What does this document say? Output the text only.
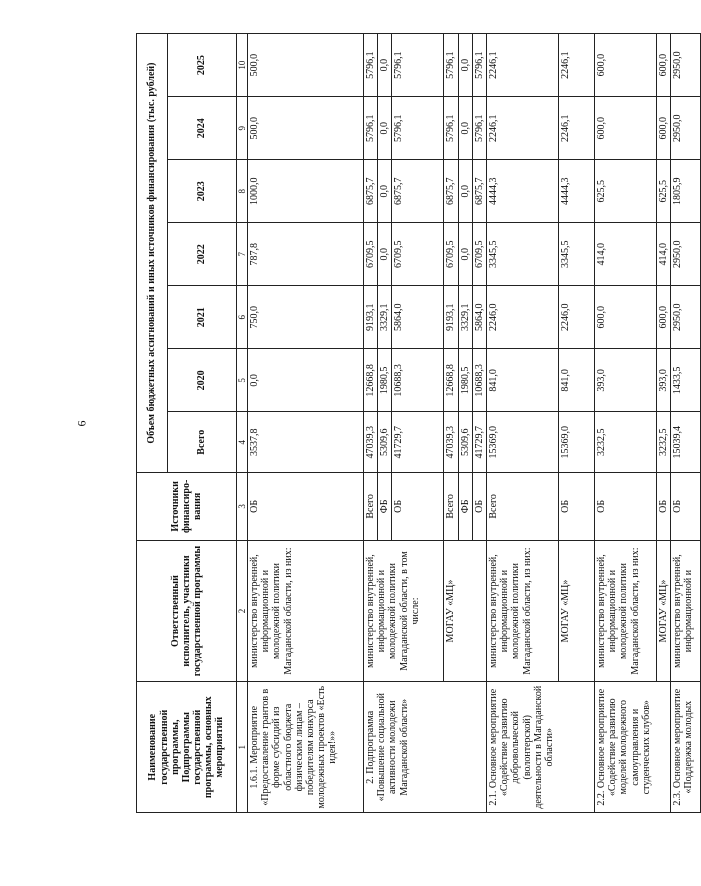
6
Наименование государственной программы, Подпрограммы государственной программы, основных мероприятий	Ответственный исполнитель, участники государственной программы	Источники финансиро-вания	Объем бюджетных ассигнований и иных источников финансирования (тыс. рублей)						
			Всего	2020	2021	2022	2023	2024	2025
1	2	3	4	5	6	7	8	9	10
1.6.1. Мероприятие «Предоставление грантов в форме субсидий из областного бюджета физическим лицам – победителям конкурса молодежных проектов «Есть идея!»»	министерство внутренней, информационной и молодежной политики Магаданской области, из них:	ОБ	3537,8	0,0	750,0	787,8	1000,0	500,0	500,0
2. Подпрограмма «Повышение социальной активности молодежи Магаданской области»	министерство внутренней, информационной и молодежной политики Магаданской области, в том числе:	Всего	47039,3	12668,8	9193,1	6709,5	6875,7	5796,1	5796,1
		ФБ	5309,6	1980,5	3329,1	0,0	0,0	0,0	0,0
		ОБ	41729,7	10688,3	5864,0	6709,5	6875,7	5796,1	5796,1
	МОГАУ «МЦ»	Всего	47039,3	12668,8	9193,1	6709,5	6875,7	5796,1	5796,1
		ФБ	5309,6	1980,5	3329,1	0,0	0,0	0,0	0,0
		ОБ	41729,7	10688,3	5864,0	6709,5	6875,7	5796,1	5796,1
2.1. Основное мероприятие «Содействие развитию добровольческой (волонтерской) деятельности в Магаданской области»	министерство внутренней, информационной и молодежной политики Магаданской области, из них:	Всего	15369,0	841,0	2246,0	3345,5	4444,3	2246,1	2246,1
	МОГАУ «МЦ»	ОБ	15369,0	841,0	2246,0	3345,5	4444,3	2246,1	2246,1
2.2. Основное мероприятие «Содействие развитию моделей молодежного самоуправления и студенческих клубов»	министерство внутренней, информационной и молодежной политики Магаданской области, из них:	ОБ	3232,5	393,0	600,0	414,0	625,5	600,0	600,0
	МОГАУ «МЦ»	ОБ	3232,5	393,0	600,0	414,0	625,5	600,0	600,0
2.3. Основное мероприятие «Поддержка молодых	министерство внутренней, информационной и	ОБ	15039,4	1433,5	2950,0	2950,0	1805,9	2950,0	2950,0
